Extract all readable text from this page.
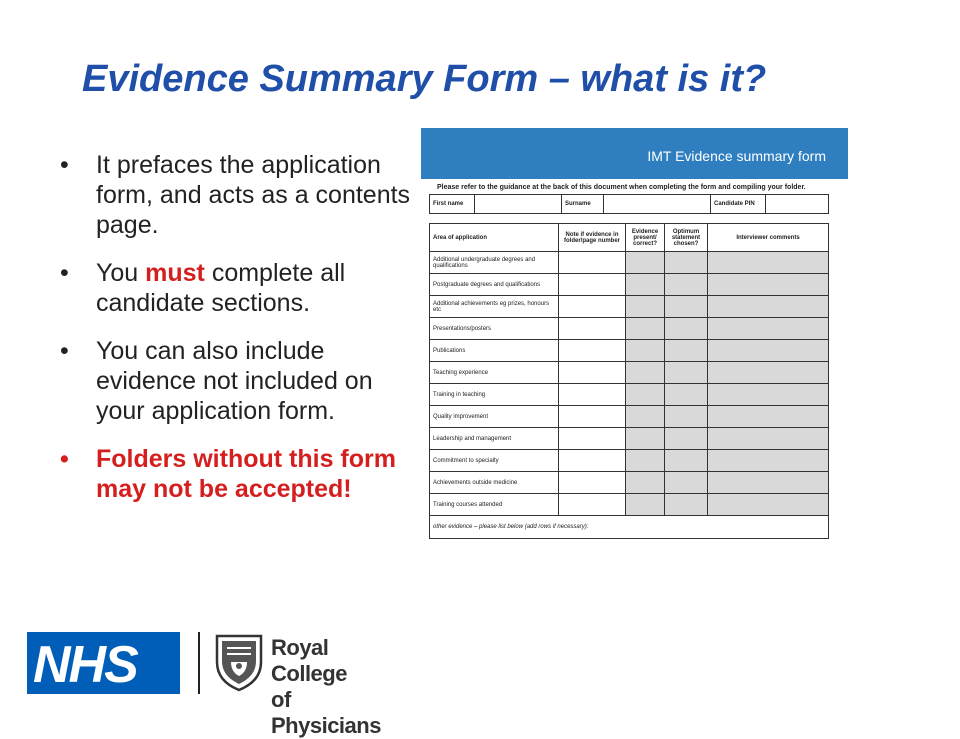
Evidence Summary Form – what is it?
• It prefaces the application form, and acts as a contents page.
• You must complete all candidate sections.
• You can also include evidence not included on your application form.
• Folders without this form may not be accepted!
IMT Evidence summary form
Please refer to the guidance at the back of this document when completing the form and compiling your folder.
First name		Surname		Candidate PIN	
Area of application	Note if evidence in folder/page number	Evidence present/ correct?	Optimum statement chosen?	Interviewer comments
Additional undergraduate degrees and qualifications				
Postgraduate degrees and qualifications				
Additional achievements eg prizes, honours etc				
Presentations/posters				
Publications				
Teaching experience				
Training in teaching				
Quality improvement				
Leadership and management				
Commitment to specialty				
Achievements outside medicine				
Training courses attended				
other evidence – please list below (add rows if necessary):				
NHS	Royal College
of Physicians
